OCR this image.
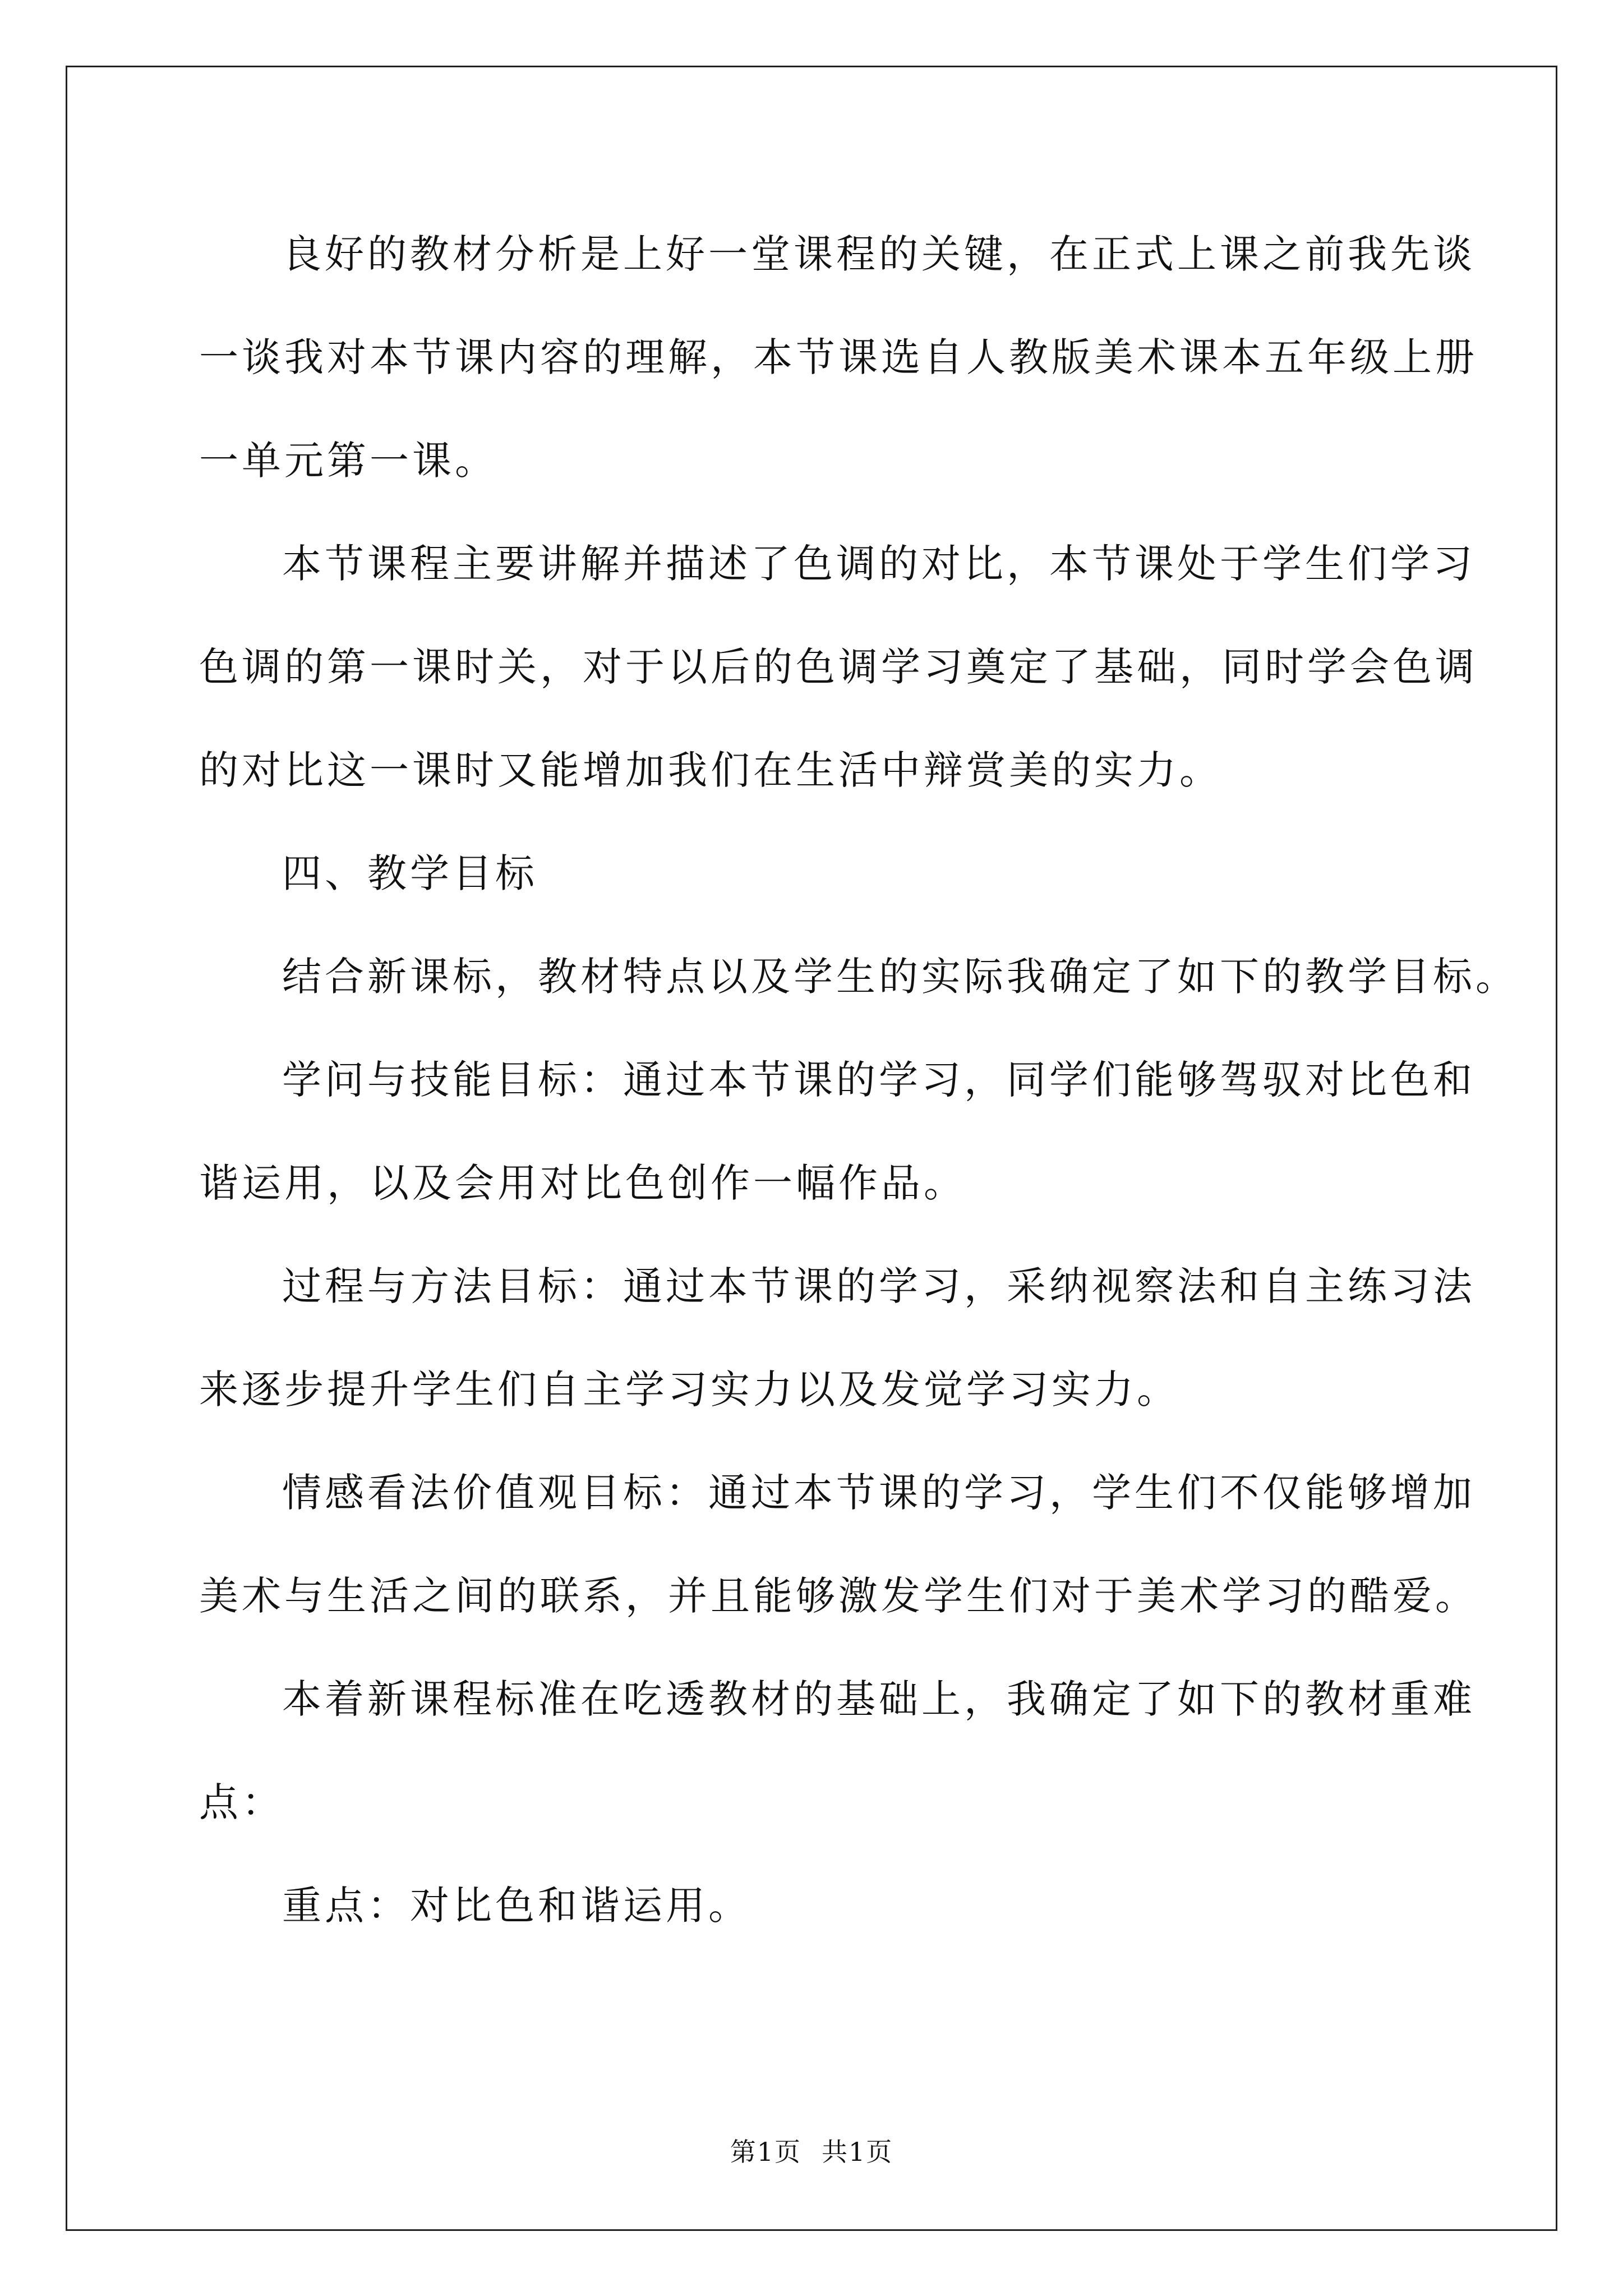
良好的教材分析是上好一堂课程的关键，在正式上课之前我先谈
一谈我对本节课内容的理解，本节课选自人教版美术课本五年级上册
一单元第一课。
本节课程主要讲解并描述了色调的对比，本节课处于学生们学习
色调的第一课时关，对于以后的色调学习奠定了基础，同时学会色调
的对比这一课时又能增加我们在生活中辩赏美的实力。
四、教学目标
结合新课标，教材特点以及学生的实际我确定了如下的教学目标。
学问与技能目标：通过本节课的学习，同学们能够驾驭对比色和
谐运用，以及会用对比色创作一幅作品。
过程与方法目标：通过本节课的学习，采纳视察法和自主练习法
来逐步提升学生们自主学习实力以及发觉学习实力。
情感看法价值观目标：通过本节课的学习，学生们不仅能够增加
美术与生活之间的联系，并且能够激发学生们对于美术学习的酷爱。
本着新课程标准在吃透教材的基础上，我确定了如下的教材重难
点：
重点：对比色和谐运用。
第1页 共1页
